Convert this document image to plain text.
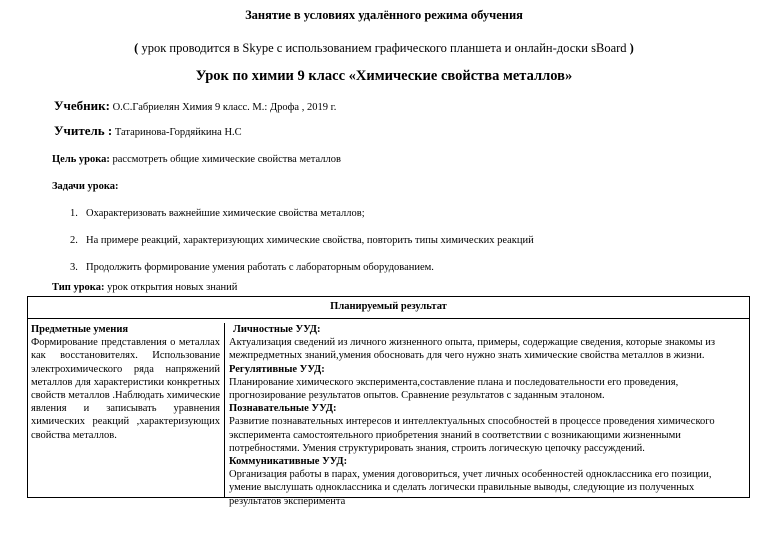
Занятие в условиях удалённого режима обучения
( урок проводится в Skype с использованием графического планшета и онлайн-доски sBoard )
Урок по химии 9 класс «Химические свойства металлов»
Учебник: О.С.Габриелян Химия 9 класс. М.: Дрофа , 2019 г.
Учитель : Татаринова-Гордяйкина Н.С
Цель урока: рассмотреть общие химические свойства металлов
Задачи урока:
1. Охарактеризовать важнейшие химические свойства металлов;
2. На примере реакций, характеризующих химические свойства, повторить типы химических реакций
3. Продолжить формирование умения работать с лабораторным оборудованием.
Тип урока: урок открытия новых знаний
Планируемый результат
Предметные умения
Формирование представления о металлах как восстановителях. Использование электрохимического ряда напряжений металлов для характеристики конкретных свойств металлов .Наблюдать химические явления и записывать уравнения химических реакций ,характеризующих свойства металлов.
Личностные УУД:
Актуализация сведений из личного жизненного опыта, примеры, содержащие сведения, которые знакомы из межпредметных знаний,умения обосновать для чего нужно знать химические свойства металлов в жизни.
Регулятивные УУД:
Планирование химического эксперимента,составление плана и последовательности его проведения, прогнозирование результатов опытов. Сравнение результатов с заданным эталоном.
Познавательные УУД:
Развитие познавательных интересов и интеллектуальных способностей в процессе проведения химического эксперимента самостоятельного приобретения знаний в соответствии с возникающими жизненными потребностями. Умения структурировать знания, строить логическую цепочку рассуждений.
Коммуникативные УУД:
Организация работы в парах, умения договориться, учет личных особенностей одноклассника его позиции, умение выслушать одноклассника и сделать логически правильные выводы, следующие из полученных результатов эксперимента
